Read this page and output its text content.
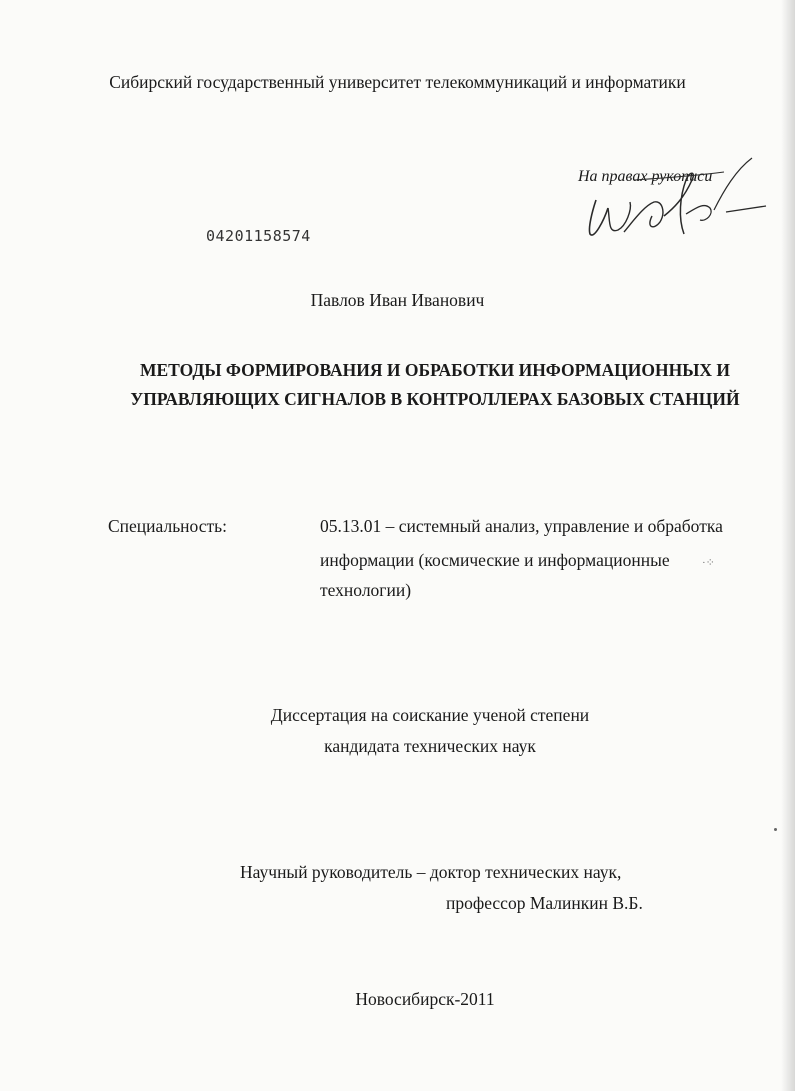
Сибирский государственный университет телекоммуникаций и информатики
На правах рукописи
04201158574
Павлов Иван Иванович
МЕТОДЫ ФОРМИРОВАНИЯ И ОБРАБОТКИ ИНФОРМАЦИОННЫХ И УПРАВЛЯЮЩИХ СИГНАЛОВ В КОНТРОЛЛЕРАХ БАЗОВЫХ СТАНЦИЙ
Специальность:	05.13.01 – системный анализ, управление и обработка
информации (космические и информационные
технологии)
·⁘
Диссертация на соискание ученой степени
кандидата технических наук
Научный руководитель – доктор технических наук,
профессор Малинкин В.Б.
Новосибирск-2011
